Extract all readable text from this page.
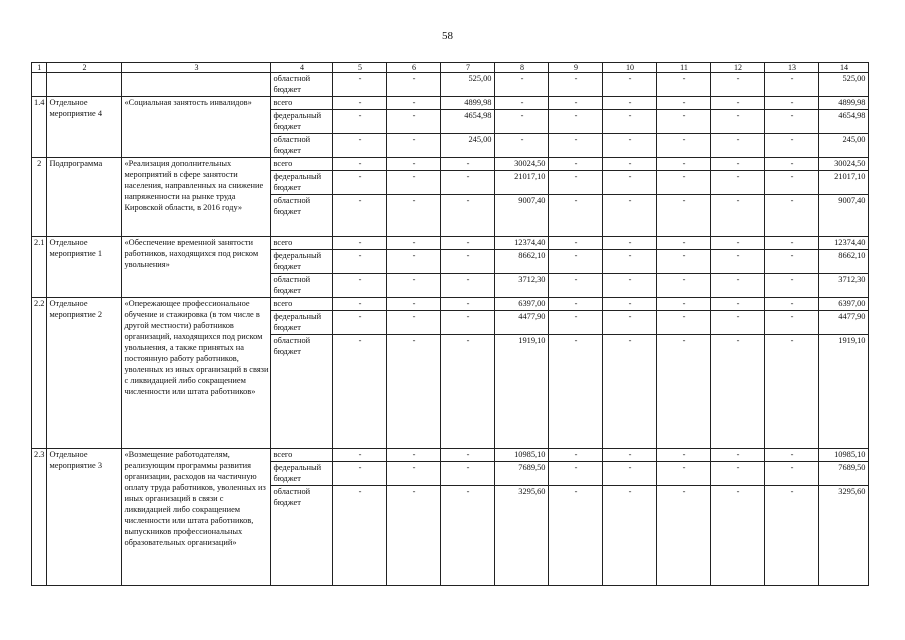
58
1	2	3	4	5	6	7	8	9	10	11	12	13	14
			областной бюджет	-	-	525,00	-	-	-	-	-	-	525,00
1.4	Отдельное мероприятие 4	«Социальная занятость инвалидов»	всего	-	-	4899,98	-	-	-	-	-	-	4899,98
			федеральный бюджет	-	-	4654,98	-	-	-	-	-	-	4654,98
			областной бюджет	-	-	245,00	-	-	-	-	-	-	245,00
2	Подпрограмма	«Реализация дополнительных мероприятий в сфере занятости населения, направленных на снижение напряженности на рынке труда Кировской области, в 2016 году»	всего	-	-	-	30024,50	-	-	-	-	-	30024,50
			федеральный бюджет	-	-	-	21017,10	-	-	-	-	-	21017,10
			областной бюджет	-	-	-	9007,40	-	-	-	-	-	9007,40
2.1	Отдельное мероприятие 1	«Обеспечение временной занятости работников, находящихся под риском увольнения»	всего	-	-	-	12374,40	-	-	-	-	-	12374,40
			федеральный бюджет	-	-	-	8662,10	-	-	-	-	-	8662,10
			областной бюджет	-	-	-	3712,30	-	-	-	-	-	3712,30
2.2	Отдельное мероприятие 2	«Опережающее профессиональное обучение и стажировка (в том числе в другой местности) работников организаций, находящихся под риском увольнения, а также принятых на постоянную работу работников, уволенных из иных организаций в связи с ликвидацией либо сокращением численности или штата работников»	всего	-	-	-	6397,00	-	-	-	-	-	6397,00
			федеральный бюджет	-	-	-	4477,90	-	-	-	-	-	4477,90
			областной бюджет	-	-	-	1919,10	-	-	-	-	-	1919,10
2.3	Отдельное мероприятие 3	«Возмещение работодателям, реализующим программы развития организации, расходов на частичную оплату труда работников, уволенных из иных организаций в связи с ликвидацией либо сокращением численности или штата работников, выпускников профессиональных образовательных организаций»	всего	-	-	-	10985,10	-	-	-	-	-	10985,10
			федеральный бюджет	-	-	-	7689,50	-	-	-	-	-	7689,50
			областной бюджет	-	-	-	3295,60	-	-	-	-	-	3295,60
